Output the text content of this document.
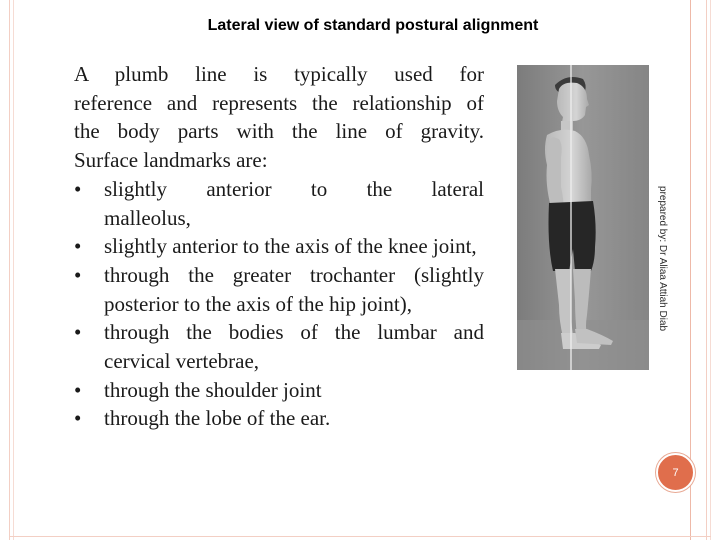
Lateral view of standard postural alignment
A plumb line is typically used for
reference and represents the relationship of
the body parts with the line of gravity.
Surface landmarks are:
• slightly anterior to the lateral
malleolus,
• slightly anterior to the axis of the knee joint,
• through the greater trochanter (slightly posterior to the axis of the hip joint),
• through the bodies of the lumbar and cervical vertebrae,
• through the shoulder joint
• through the lobe of the ear.
prepared by: Dr Aliaa Attiah Diab
7
